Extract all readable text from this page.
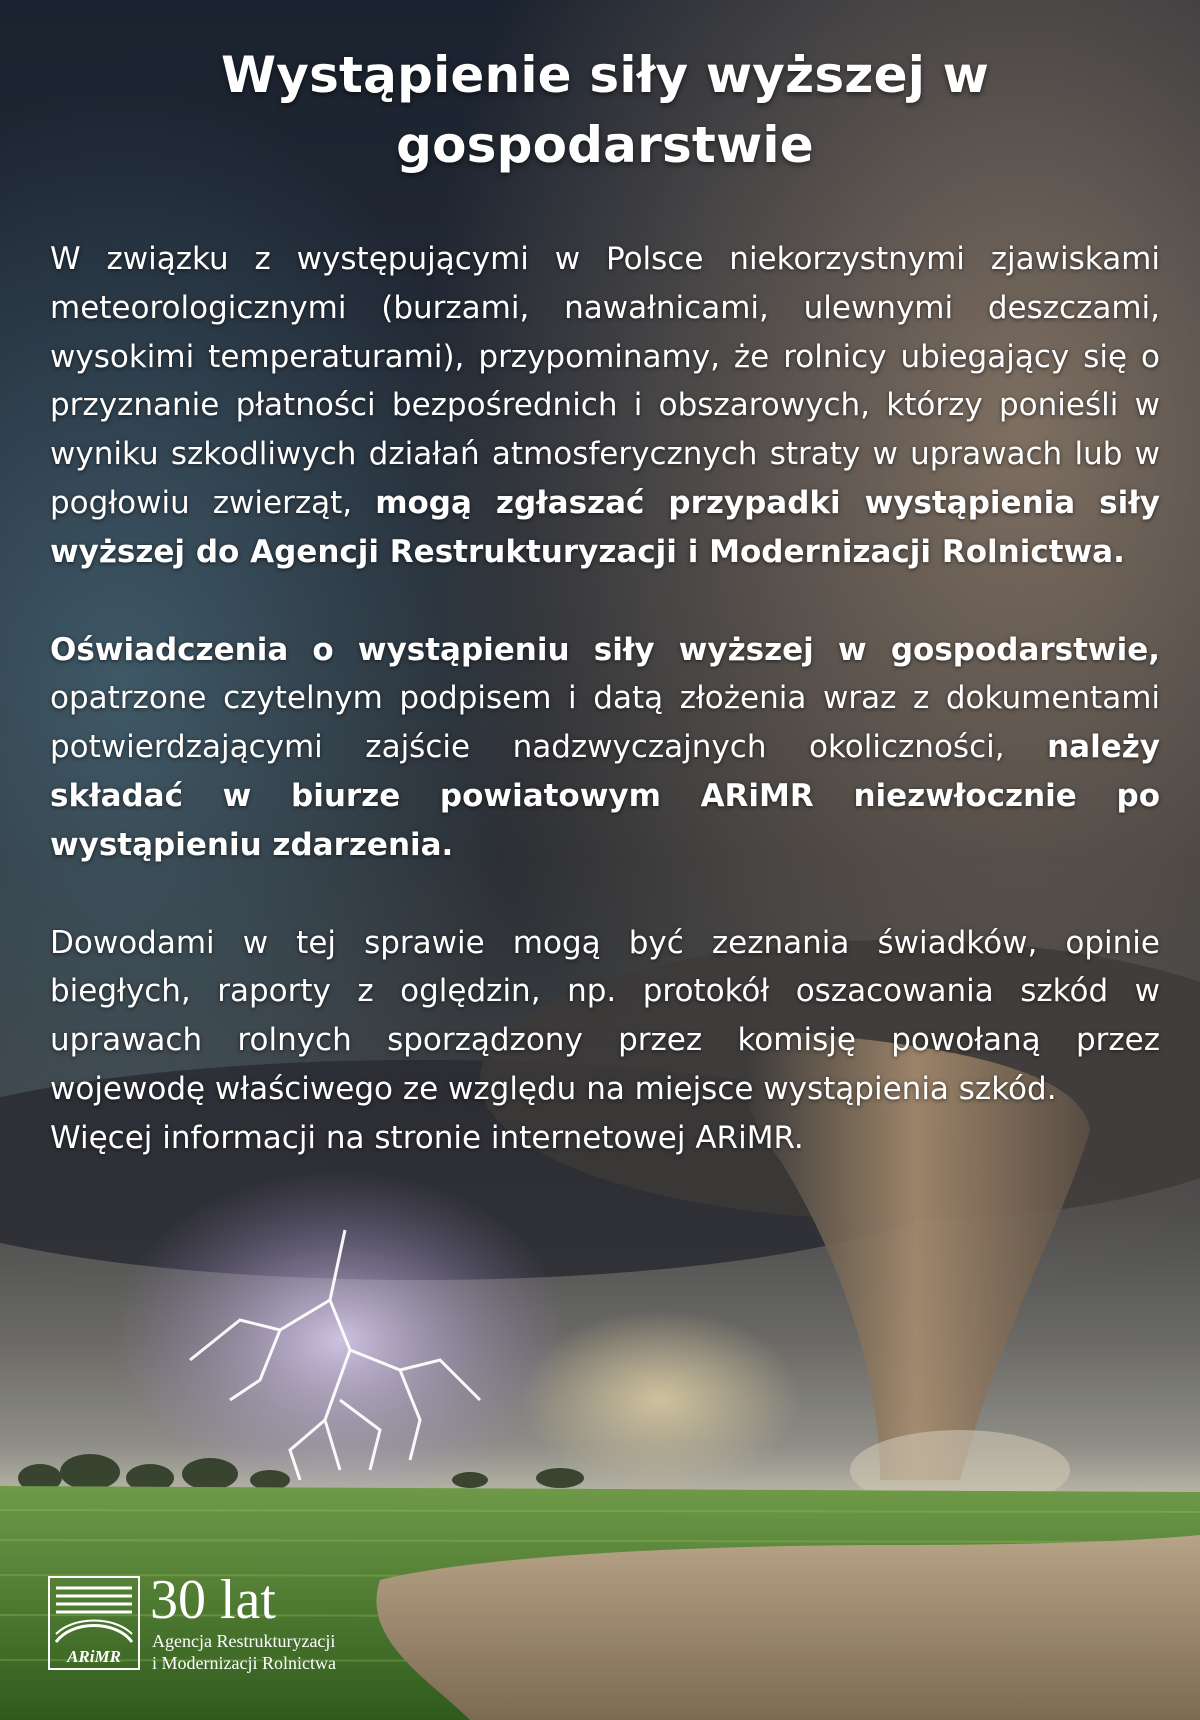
Wystąpienie siły wyższej w gospodarstwie

W związku z występującymi w Polsce niekorzystnymi zjawiskami meteorologicznymi (burzami, nawałnicami, ulewnymi deszczami, wysokimi temperaturami), przypominamy, że rolnicy ubiegający się o przyznanie płatności bezpośrednich i obszarowych, którzy ponieśli w wyniku szkodliwych działań atmosferycznych straty w uprawach lub w pogłowiu zwierząt, mogą zgłaszać przypadki wystąpienia siły wyższej do Agencji Restrukturyzacji i Modernizacji Rolnictwa.

Oświadczenia o wystąpieniu siły wyższej w gospodarstwie, opatrzone czytelnym podpisem i datą złożenia wraz z dokumentami potwierdzającymi zajście nadzwyczajnych okoliczności, należy składać w biurze powiatowym ARiMR niezwłocznie po wystąpieniu zdarzenia.

Dowodami w tej sprawie mogą być zeznania świadków, opinie biegłych, raporty z oględzin, np. protokół oszacowania szkód w uprawach rolnych sporządzony przez komisję powołaną przez wojewodę właściwego ze względu na miejsce wystąpienia szkód.

Więcej informacji na stronie internetowej ARiMR.

ARiMR
30 lat
Agencja Restrukturyzacji
i Modernizacji Rolnictwa
